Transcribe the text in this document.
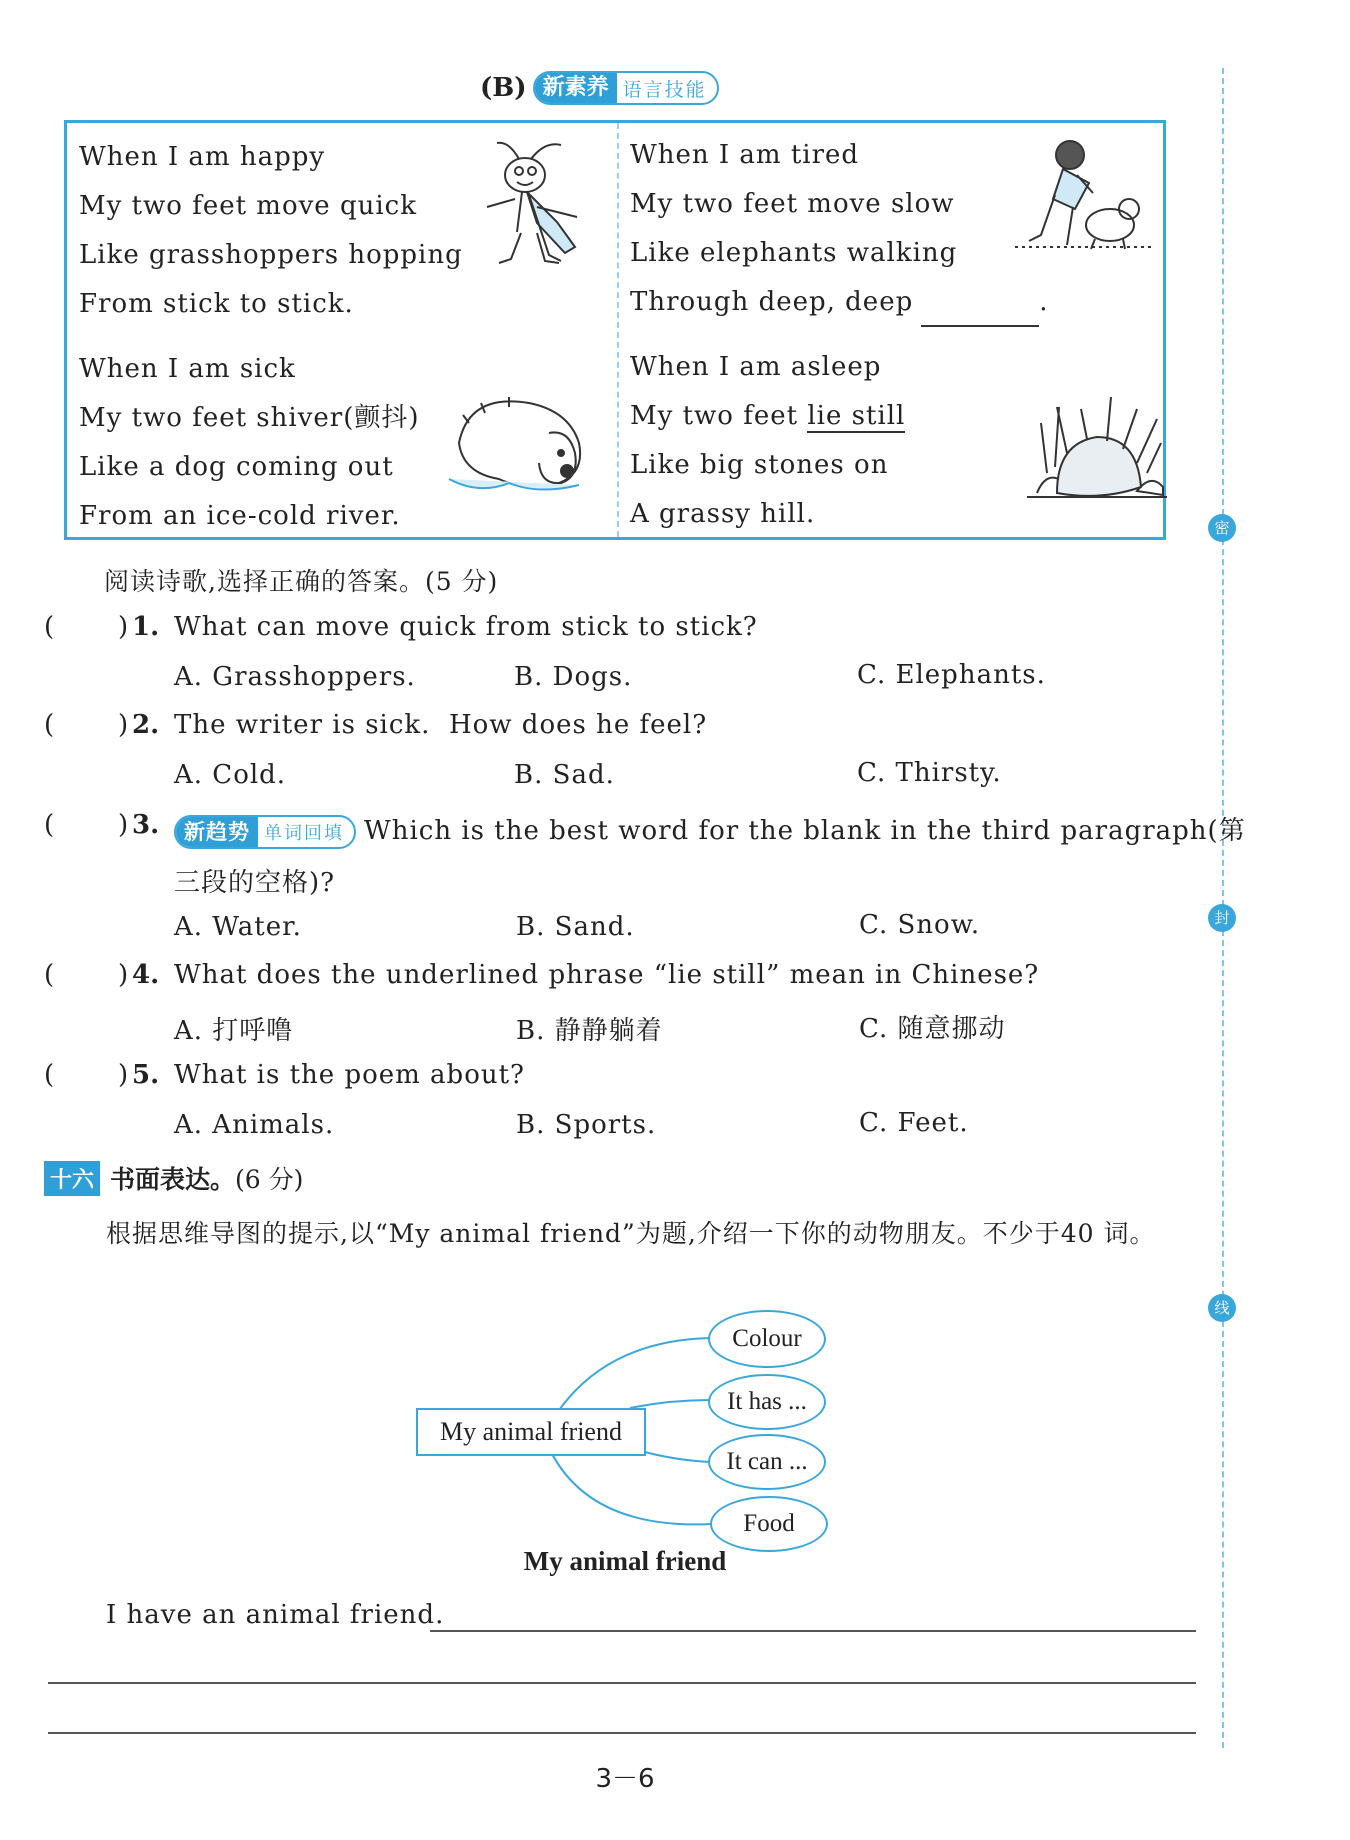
密
封
线
(B) 新素养 语言技能
When I am happy
My two feet move quick
Like grasshoppers hopping
From stick to stick.
When I am tired
My two feet move slow
Like elephants walking
Through deep, deep	.
When I am sick
My two feet shiver(颤抖)
Like a dog coming out
From an ice-cold river.
When I am asleep
My two feet lie still
Like big stones on
A grassy hill.
阅读诗歌,选择正确的答案。(5 分)
( ) 1. What can move quick from stick to stick?
A. Grasshoppers.	B. Dogs.	C. Elephants.
( ) 2. The writer is sick.  How does he feel?
A. Cold.	B. Sad.	C. Thirsty.
( ) 3.	新趋势 单词回填 Which is the best word for the blank in the third paragraph(第
三段的空格)?
A. Water.	B. Sand.	C. Snow.
( ) 4. What does the underlined phrase “lie still” mean in Chinese?
A. 打呼噜	B. 静静躺着	C. 随意挪动
( ) 5. What is the poem about?
A. Animals.	B. Sports.	C. Feet.
十六 书面表达。 (6 分)
根据思维导图的提示,以“My animal friend”为题,介绍一下你的动物朋友。不少于40 词。
My animal friend
Colour
It has ...
It can ...
Food
My animal friend
I have an animal friend.
3－6
